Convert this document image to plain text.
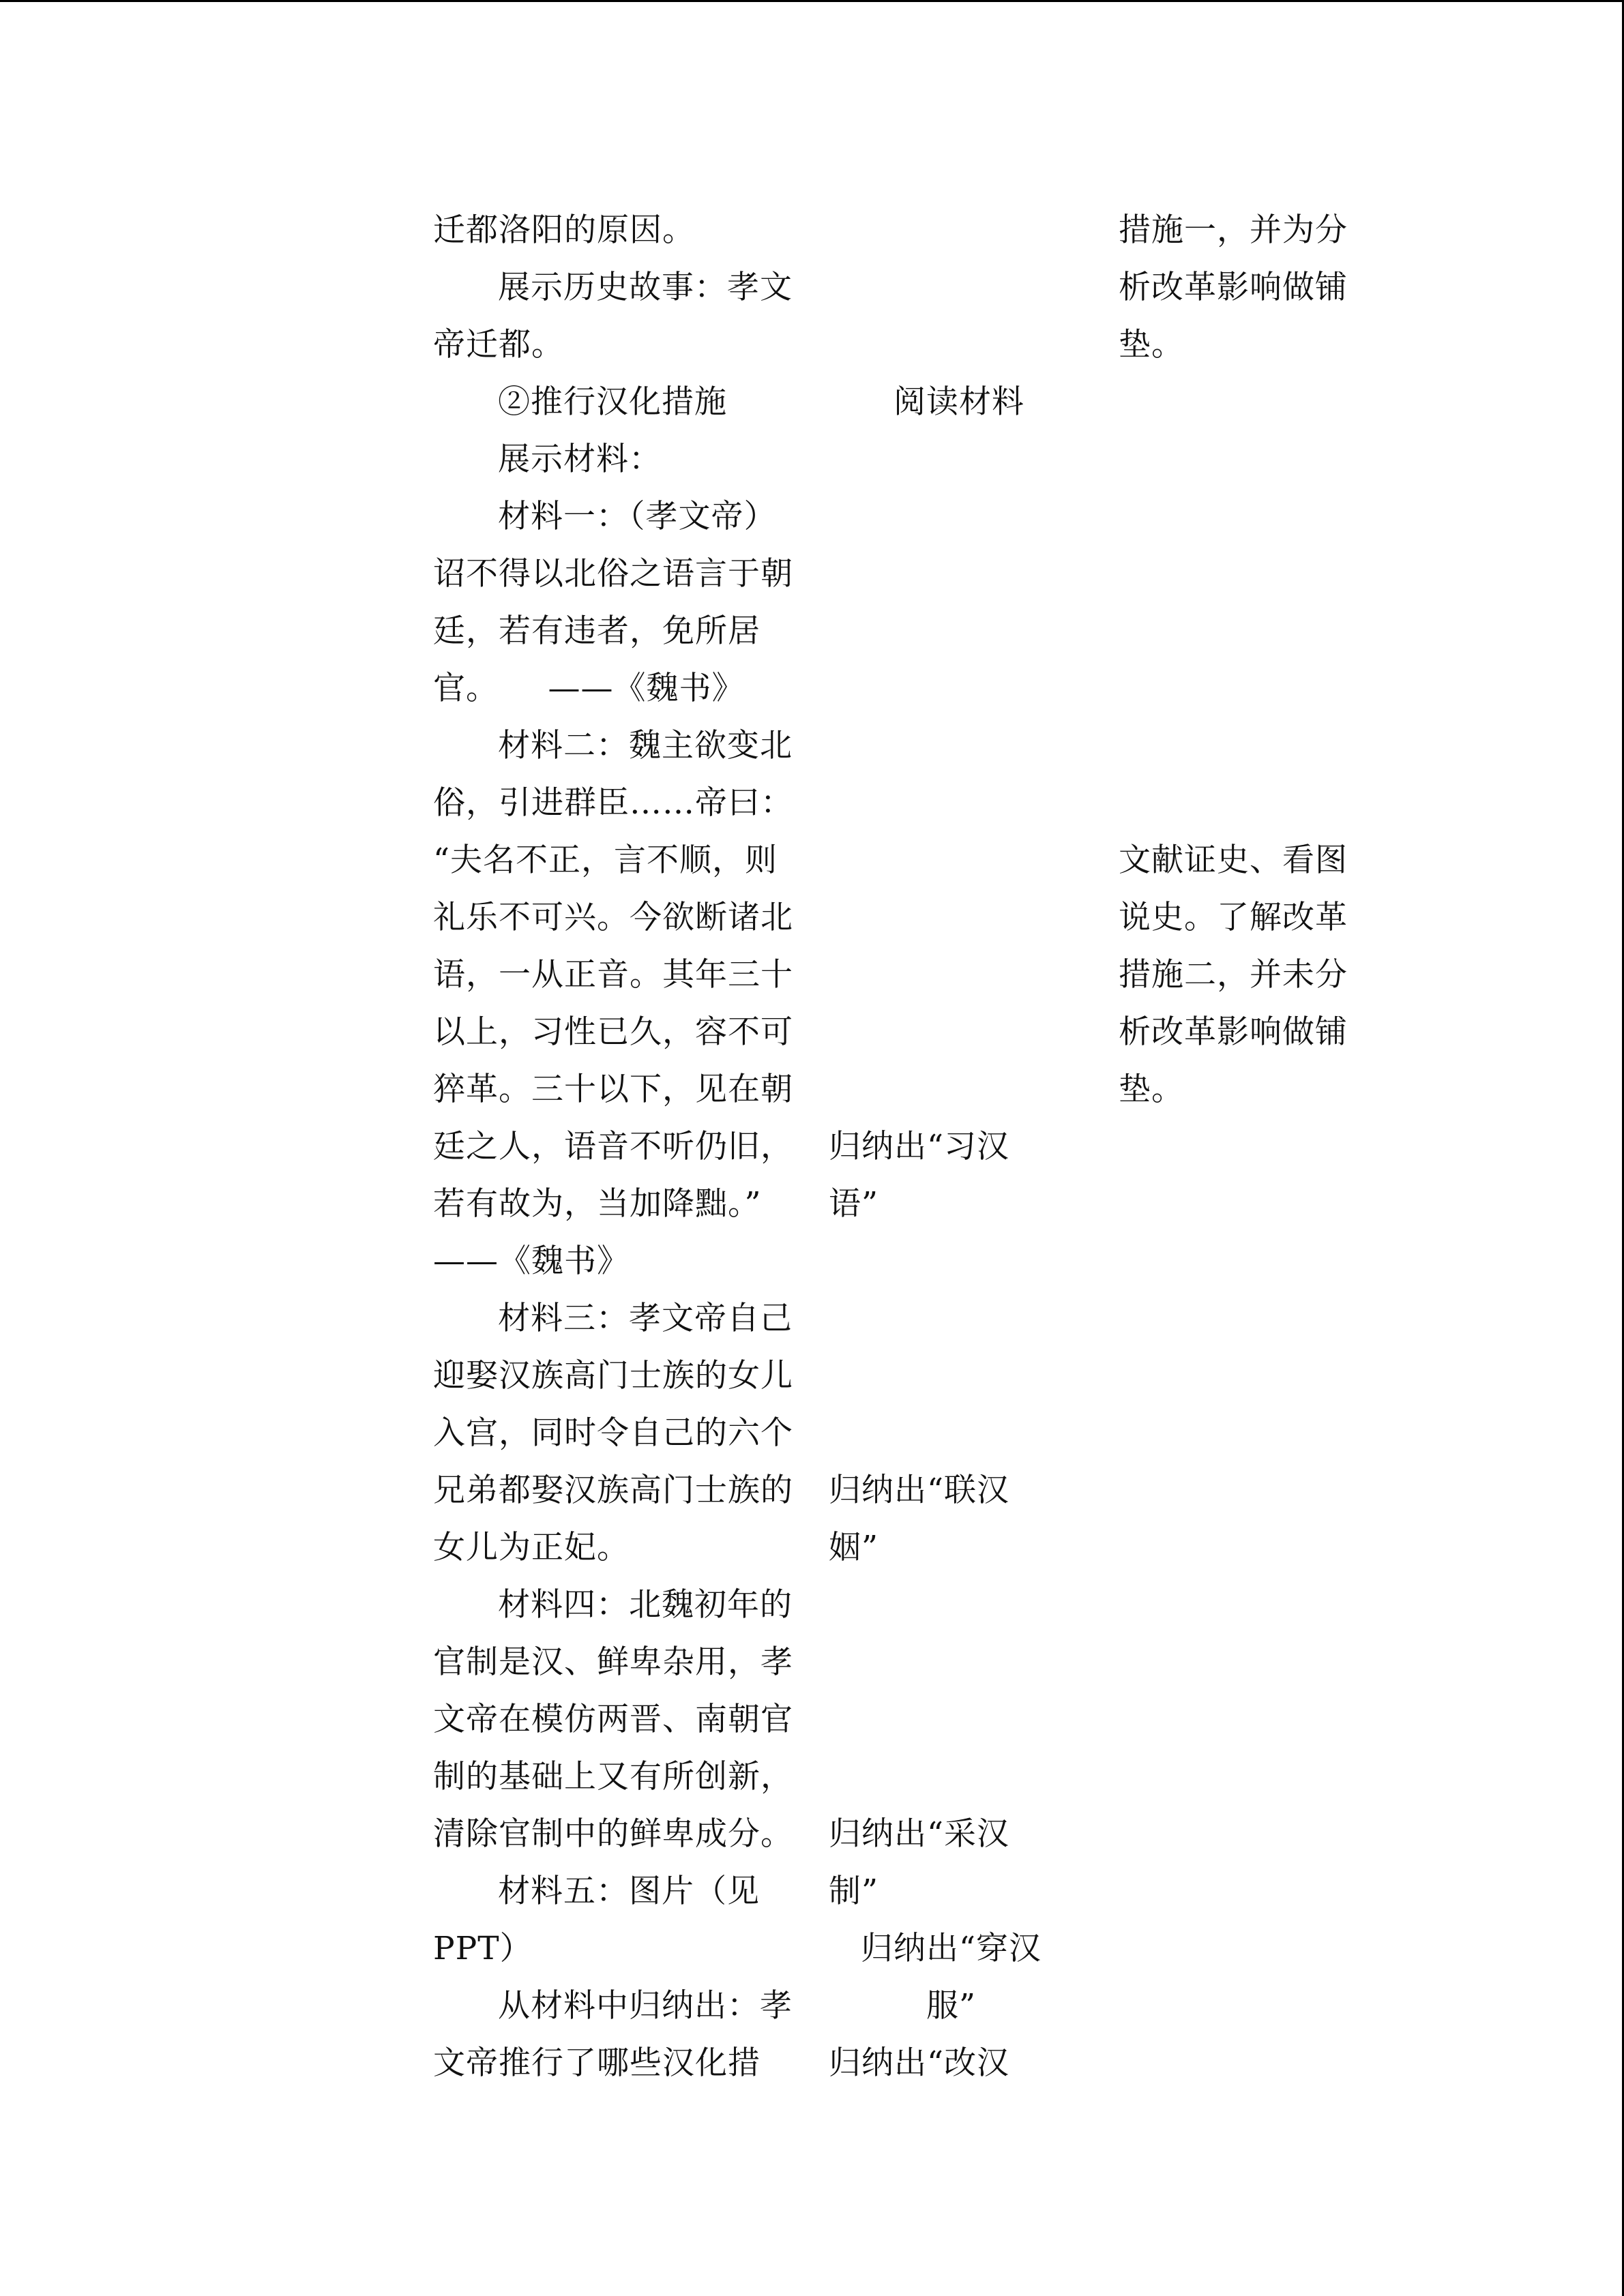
迁都洛阳的原因。
展示历史故事：孝文
帝迁都。
②推行汉化措施
展示材料：
材料一：（孝文帝）
诏不得以北俗之语言于朝
廷，若有违者，免所居
官。　　——《魏书》
材料二：魏主欲变北
俗，引进群臣……帝曰：
“夫名不正，言不顺，则
礼乐不可兴。今欲断诸北
语，一从正音。其年三十
以上，习性已久，容不可
猝革。三十以下，见在朝
廷之人，语音不听仍旧，
若有故为，当加降黜。”
——《魏书》
材料三：孝文帝自己
迎娶汉族高门士族的女儿
入宫，同时令自己的六个
兄弟都娶汉族高门士族的
女儿为正妃。
材料四：北魏初年的
官制是汉、鲜卑杂用，孝
文帝在模仿两晋、南朝官
制的基础上又有所创新，
清除官制中的鲜卑成分。
材料五：图片（见
PPT）
从材料中归纳出：孝
文帝推行了哪些汉化措
阅读材料
归纳出“习汉
语”
归纳出“联汉
姻”
归纳出“采汉
制”
归纳出“穿汉
服”
归纳出“改汉
措施一，并为分
析改革影响做铺
垫。
文献证史、看图
说史。了解改革
措施二，并未分
析改革影响做铺
垫。
